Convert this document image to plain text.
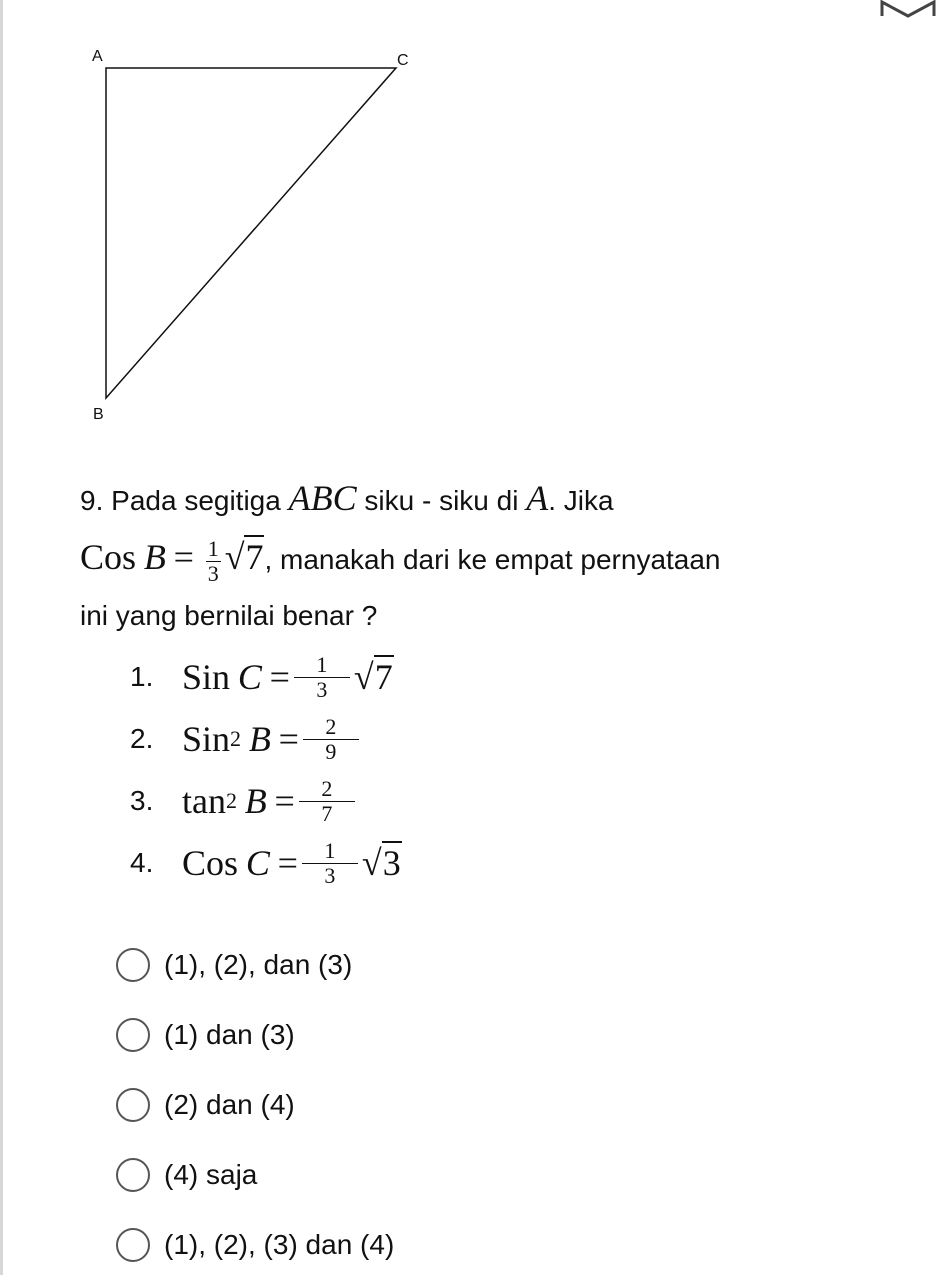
A	C
B
9. Pada segitiga ABC siku - siku di A. Jika
Cos $B = \frac{1}{3} √7$, manakah dari ke empat pernyataan
ini yang bernilai benar ?
1. Sin
C
= $\frac{1}{3} √7$
2. Sin 2
B
= $\frac{2}{9}$
3. tan 2
B
= $\frac{2}{7}$
4. Cos
C
= $\frac{1}{3} √3$
(1), (2), dan (3)
(1) dan (3)
(2) dan (4)
(4) saja
(1), (2), (3) dan (4)
